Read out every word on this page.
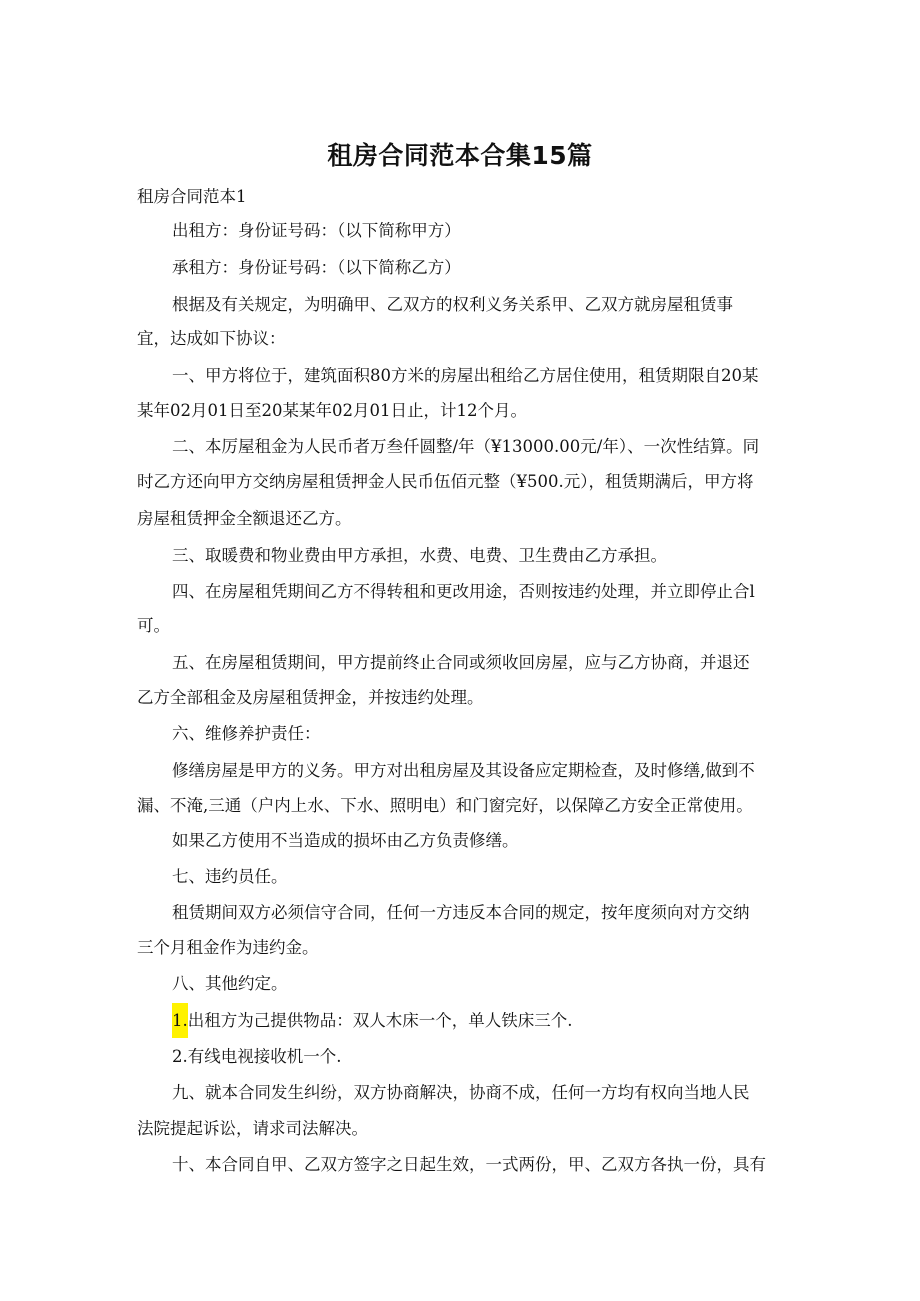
租房合同范本合集15篇

租房合同范本1

出租方：身份证号码：（以下简称甲方）

承租方：身份证号码：（以下简称乙方）

根据及有关规定，为明确甲、乙双方的权利义务关系甲、乙双方就房屋租赁事

宜，达成如下协议：

一、甲方将位于，建筑面积80方米的房屋出租给乙方居住使用，租赁期限自20某

某年02月01日至20某某年02月01日止，计12个月。

二、本厉屋租金为人民币者万叁仟圆整/年（¥13000.00元/年）、一次性结算。同

时乙方还向甲方交纳房屋租赁押金人民币伍佰元整（¥500.元），租赁期满后，甲方将

房屋租赁押金全额退还乙方。

三、取暖费和物业费由甲方承担，水费、电费、卫生费由乙方承担。

四、在房屋租凭期间乙方不得转租和更改用途，否则按违约处理，并立即停止合l

可。

五、在房屋租赁期间，甲方提前终止合同或须收回房屋，应与乙方协商，并退还

乙方全部租金及房屋租赁押金，并按违约处理。

六、维修养护责任：

修缮房屋是甲方的义务。甲方对出租房屋及其设备应定期检查，及时修缮,做到不

漏、不淹,三通（户内上水、下水、照明电）和门窗完好，以保障乙方安全正常使用。

如果乙方使用不当造成的损坏由乙方负责修缮。

七、违约员任。

租赁期间双方必须信守合同，任何一方违反本合同的规定，按年度须向对方交纳

三个月租金作为违约金。

八、其他约定。

1.出租方为己提供物品：双人木床一个，单人铁床三个.

2.有线电视接收机一个.

九、就本合同发生纠纷，双方协商解决，协商不成，任何一方均有权向当地人民

法院提起诉讼，请求司法解决。

十、本合同自甲、乙双方签字之日起生效，一式两份，甲、乙双方各执一份，具有
